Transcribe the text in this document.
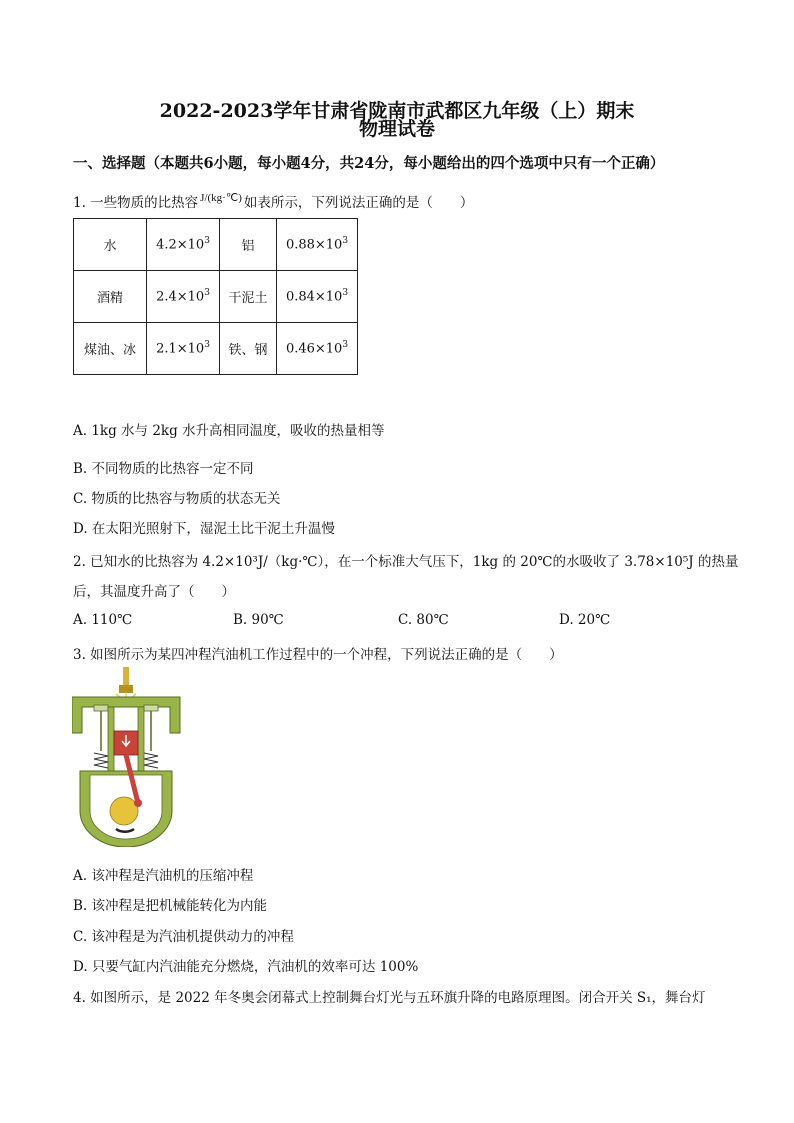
2022-2023学年甘肃省陇南市武都区九年级（上）期末
物理试卷
一、选择题（本题共6小题，每小题4分，共24分，每小题给出的四个选项中只有一个正确）
1. 一些物质的比热容 $^{J/(kg\cdot℃)}$ 如表所示，下列说法正确的是（　　）
水	$4.2\times 10^3$	铝	$0.88\times 10^3$
酒精	$2.4\times 10^3$	干泥土	$0.84\times 10^3$
煤油、冰	$2.1\times 10^3$	铁、钢	$0.46\times 10^3$
A. 1kg 水与 2kg 水升高相同温度，吸收的热量相等
B. 不同物质的比热容一定不同
C. 物质的比热容与物质的状态无关
D. 在太阳光照射下，湿泥土比干泥土升温慢
2. 已知水的比热容为 4.2×10³J/（kg·℃），在一个标准大气压下，1kg 的 20℃的水吸收了 3.78×10⁵J 的热量
后，其温度升高了（　　）
A. 110℃	B. 90℃	C. 80℃	D. 20℃
3. 如图所示为某四冲程汽油机工作过程中的一个冲程，下列说法正确的是（　　）
A. 该冲程是汽油机的压缩冲程
B. 该冲程是把机械能转化为内能
C. 该冲程是为汽油机提供动力的冲程
D. 只要气缸内汽油能充分燃烧，汽油机的效率可达 100%
4. 如图所示，是 2022 年冬奥会闭幕式上控制舞台灯光与五环旗升降的电路原理图。闭合开关 S₁，舞台灯
